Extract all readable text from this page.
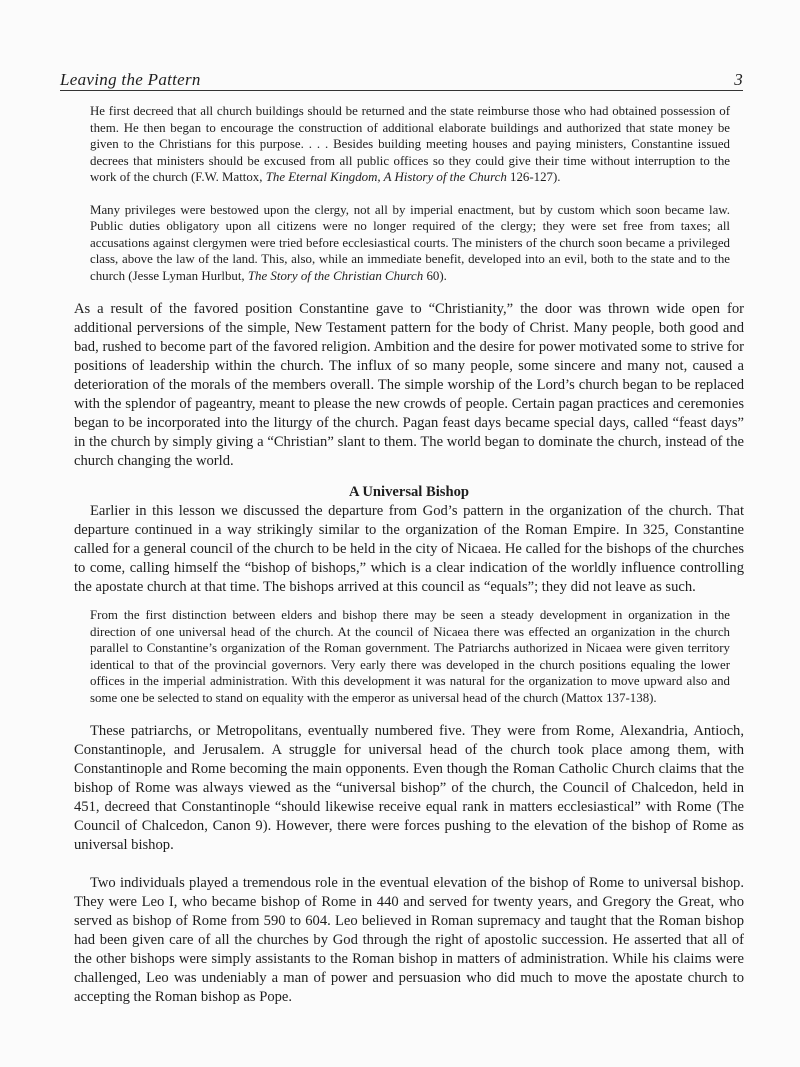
Leaving the Pattern	3

He first decreed that all church buildings should be returned and the state reimburse those who had obtained possession of them. He then began to encourage the construction of additional elaborate buildings and authorized that state money be given to the Christians for this purpose. . . . Besides building meeting houses and paying ministers, Constantine issued decrees that ministers should be excused from all public offices so they could give their time without interruption to the work of the church (F.W. Mattox, The Eternal Kingdom, A History of the Church 126-127).

Many privileges were bestowed upon the clergy, not all by imperial enactment, but by custom which soon became law. Public duties obligatory upon all citizens were no longer required of the clergy; they were set free from taxes; all accusations against clergymen were tried before ecclesiastical courts. The ministers of the church soon became a privileged class, above the law of the land. This, also, while an immediate benefit, developed into an evil, both to the state and to the church (Jesse Lyman Hurlbut, The Story of the Christian Church 60).

As a result of the favored position Constantine gave to “Christianity,” the door was thrown wide open for additional perversions of the simple, New Testament pattern for the body of Christ. Many people, both good and bad, rushed to become part of the favored religion. Ambition and the desire for power motivated some to strive for positions of leadership within the church. The influx of so many people, some sincere and many not, caused a deterioration of the morals of the members overall. The simple worship of the Lord’s church began to be replaced with the splendor of pageantry, meant to please the new crowds of people. Certain pagan practices and ceremonies began to be incorporated into the liturgy of the church. Pagan feast days became special days, called “feast days” in the church by simply giving a “Christian” slant to them. The world began to dominate the church, instead of the church changing the world.

A Universal Bishop

Earlier in this lesson we discussed the departure from God’s pattern in the organization of the church. That departure continued in a way strikingly similar to the organization of the Roman Empire. In 325, Constantine called for a general council of the church to be held in the city of Nicaea. He called for the bishops of the churches to come, calling himself the “bishop of bishops,” which is a clear indication of the worldly influence controlling the apostate church at that time. The bishops arrived at this council as “equals”; they did not leave as such.

From the first distinction between elders and bishop there may be seen a steady development in organization in the direction of one universal head of the church. At the council of Nicaea there was effected an organization in the church parallel to Constantine’s organization of the Roman government. The Patriarchs authorized in Nicaea were given territory identical to that of the provincial governors. Very early there was developed in the church positions equaling the lower offices in the imperial administration. With this development it was natural for the organization to move upward also and some one be selected to stand on equality with the emperor as universal head of the church (Mattox 137-138).

These patriarchs, or Metropolitans, eventually numbered five. They were from Rome, Alexandria, Antioch, Constantinople, and Jerusalem. A struggle for universal head of the church took place among them, with Constantinople and Rome becoming the main opponents. Even though the Roman Catholic Church claims that the bishop of Rome was always viewed as the “universal bishop” of the church, the Council of Chalcedon, held in 451, decreed that Constantinople “should likewise receive equal rank in matters ecclesiastical” with Rome (The Council of Chalcedon, Canon 9). However, there were forces pushing to the elevation of the bishop of Rome as universal bishop.

Two individuals played a tremendous role in the eventual elevation of the bishop of Rome to universal bishop. They were Leo I, who became bishop of Rome in 440 and served for twenty years, and Gregory the Great, who served as bishop of Rome from 590 to 604. Leo believed in Roman supremacy and taught that the Roman bishop had been given care of all the churches by God through the right of apostolic succession. He asserted that all of the other bishops were simply assistants to the Roman bishop in matters of administration. While his claims were challenged, Leo was undeniably a man of power and persuasion who did much to move the apostate church to accepting the Roman bishop as Pope.
